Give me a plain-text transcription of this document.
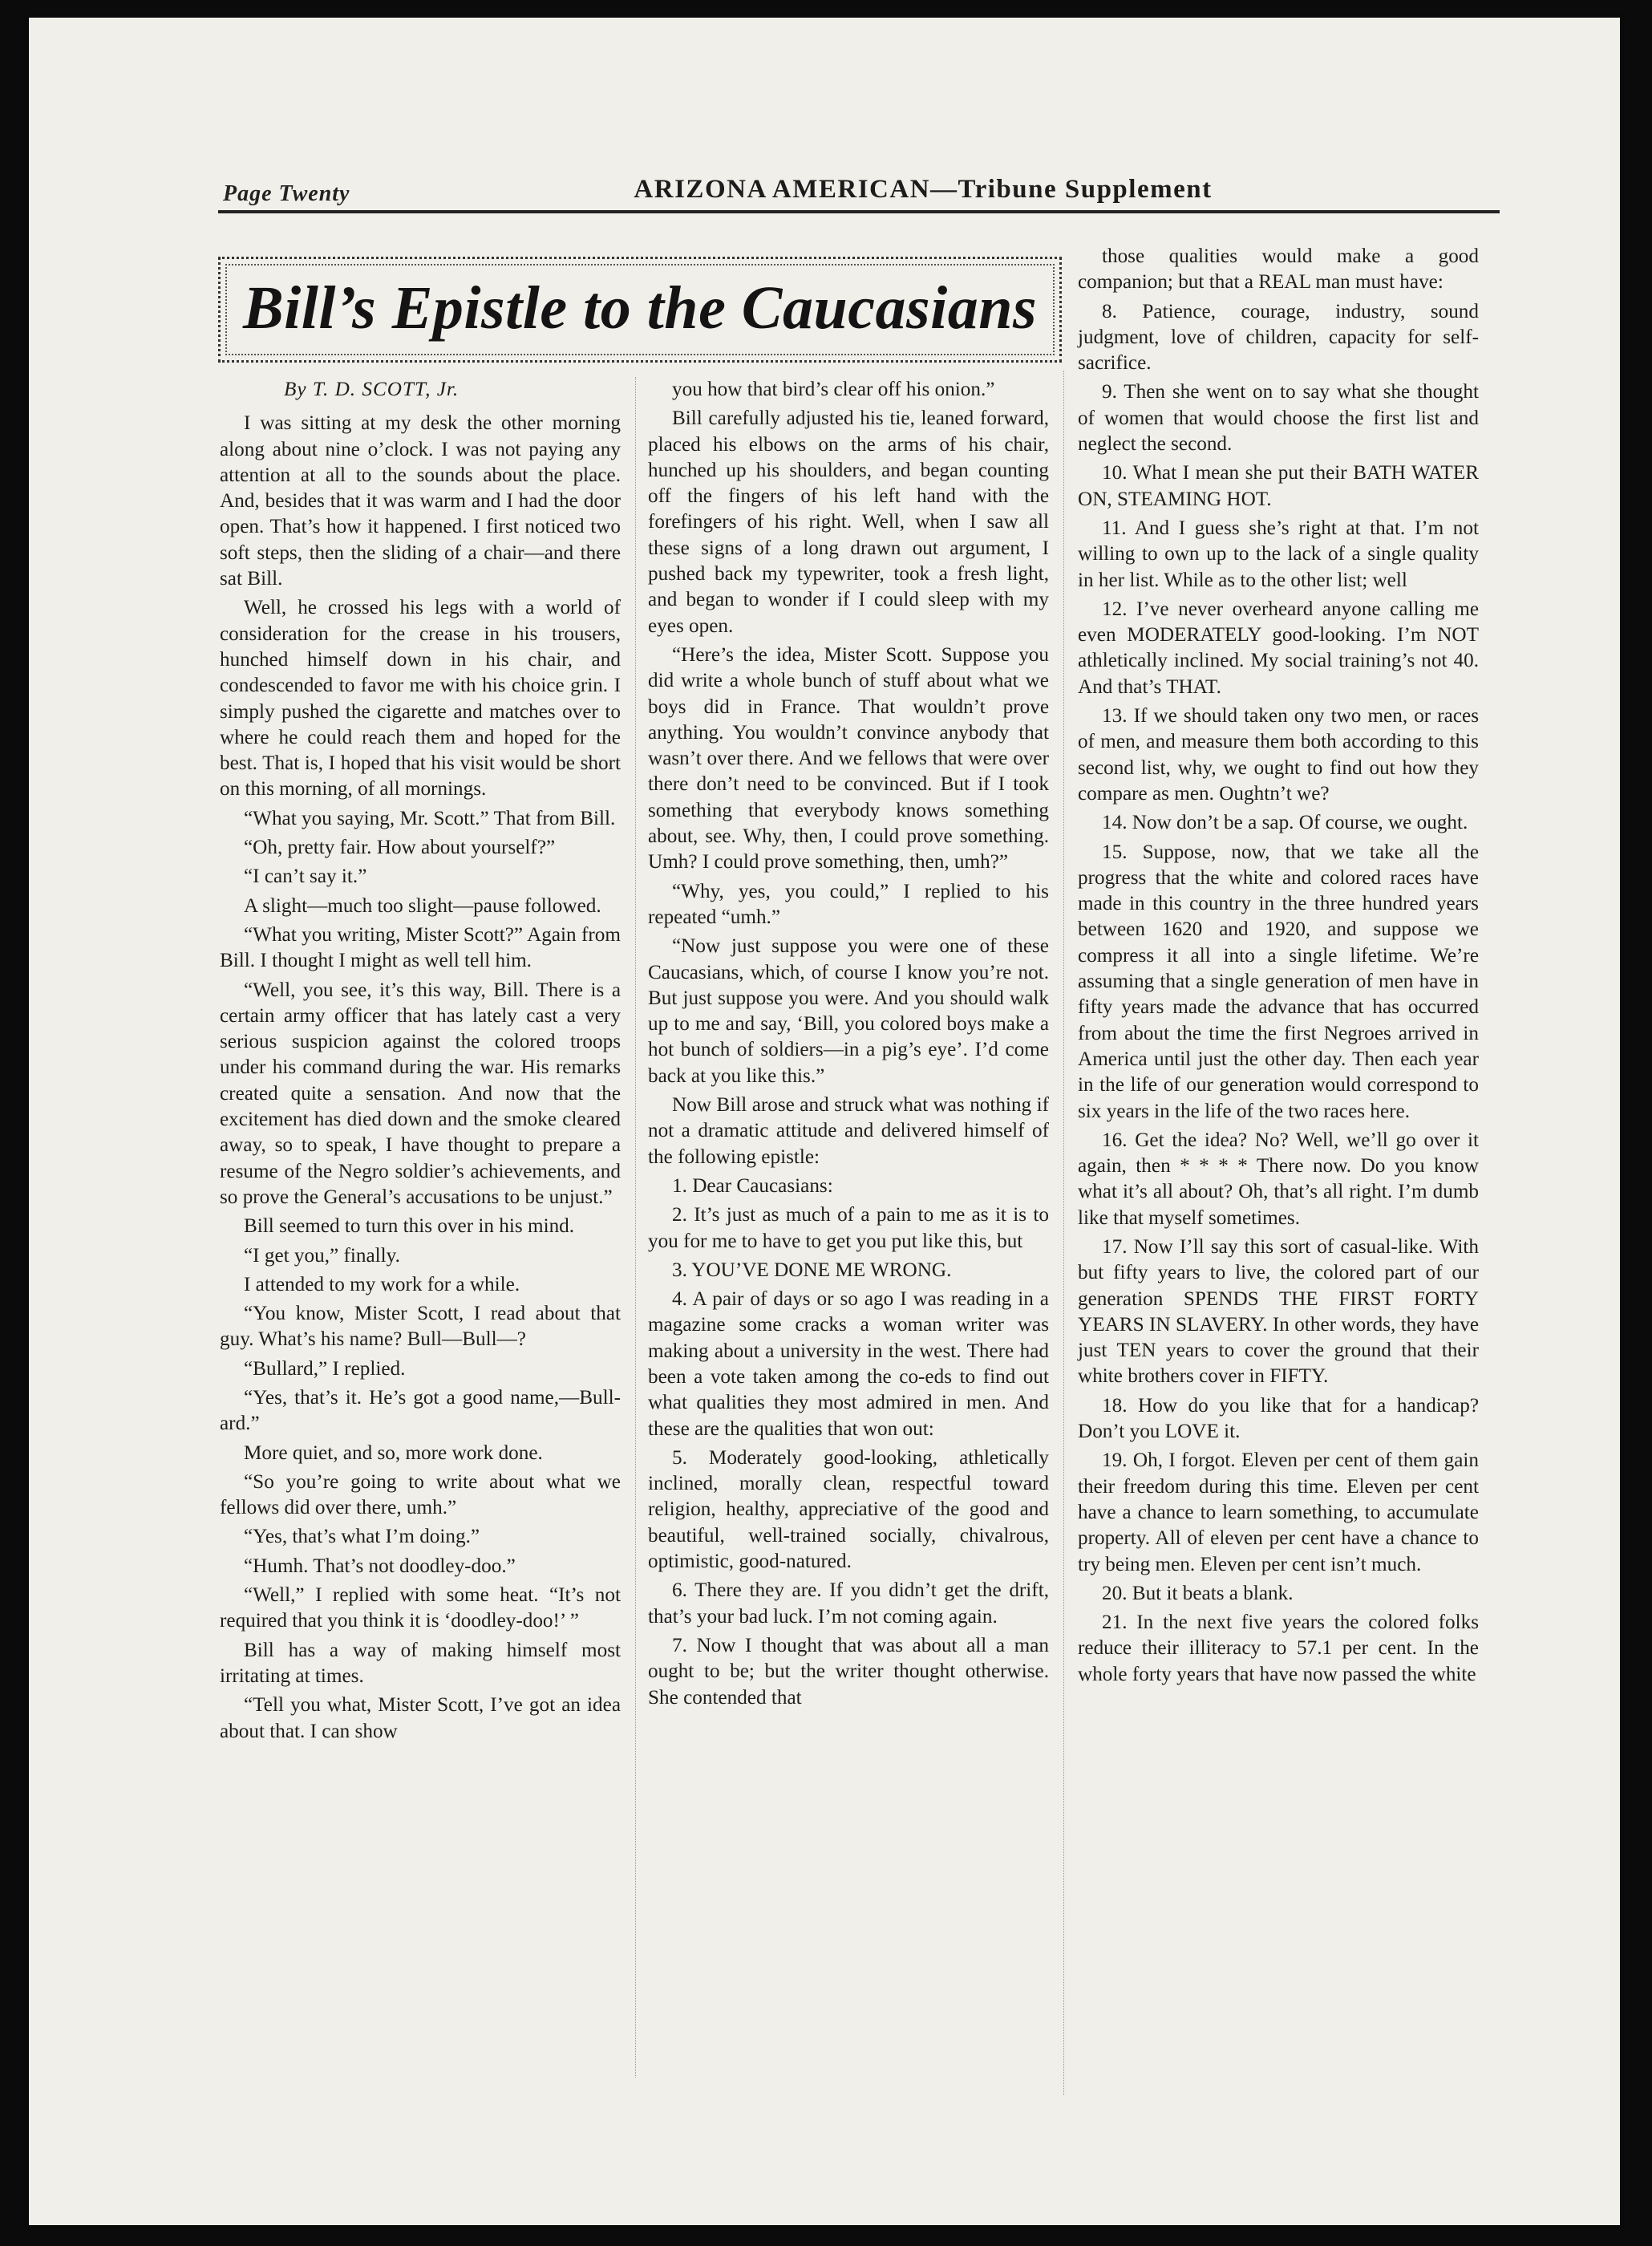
Page Twenty	ARIZONA AMERICAN—Tribune Supplement
Bill’s Epistle to the Caucasians

By T. D. SCOTT, Jr.

I was sitting at my desk the other morning along about nine o’clock. I was not paying any attention at all to the sounds about the place. And, besides that it was warm and I had the door open. That’s how it happened. I first noticed two soft steps, then the sliding of a chair—and there sat Bill.

Well, he crossed his legs with a world of consideration for the crease in his trousers, hunched himself down in his chair, and condescended to favor me with his choice grin. I simply pushed the cigarette and matches over to where he could reach them and hoped for the best. That is, I hoped that his visit would be short on this morning, of all mornings.

“What you saying, Mr. Scott.” That from Bill.

“Oh, pretty fair. How about yourself?”

“I can’t say it.”

A slight—much too slight—pause followed.

“What you writing, Mister Scott?” Again from Bill. I thought I might as well tell him.

“Well, you see, it’s this way, Bill. There is a certain army officer that has lately cast a very serious suspicion against the colored troops under his command during the war. His remarks created quite a sensation. And now that the excitement has died down and the smoke cleared away, so to speak, I have thought to prepare a resume of the Negro soldier’s achievements, and so prove the General’s accusations to be unjust.”

Bill seemed to turn this over in his mind.

“I get you,” finally.

I attended to my work for a while.

“You know, Mister Scott, I read about that guy. What’s his name? Bull—Bull—?

“Bullard,” I replied.

“Yes, that’s it. He’s got a good name,—Bull-ard.”

More quiet, and so, more work done.

“So you’re going to write about what we fellows did over there, umh.”

“Yes, that’s what I’m doing.”

“Humh. That’s not doodley-doo.”

“Well,” I replied with some heat. “It’s not required that you think it is ‘doodley-doo!’ ”

Bill has a way of making himself most irritating at times.

“Tell you what, Mister Scott, I’ve got an idea about that. I can show

you how that bird’s clear off his onion.”

Bill carefully adjusted his tie, leaned forward, placed his elbows on the arms of his chair, hunched up his shoulders, and began counting off the fingers of his left hand with the forefingers of his right. Well, when I saw all these signs of a long drawn out argument, I pushed back my typewriter, took a fresh light, and began to wonder if I could sleep with my eyes open.

“Here’s the idea, Mister Scott. Suppose you did write a whole bunch of stuff about what we boys did in France. That wouldn’t prove anything. You wouldn’t convince anybody that wasn’t over there. And we fellows that were over there don’t need to be convinced. But if I took something that everybody knows something about, see. Why, then, I could prove something. Umh? I could prove something, then, umh?”

“Why, yes, you could,” I replied to his repeated “umh.”

“Now just suppose you were one of these Caucasians, which, of course I know you’re not. But just suppose you were. And you should walk up to me and say, ‘Bill, you colored boys make a hot bunch of soldiers—in a pig’s eye’. I’d come back at you like this.”

Now Bill arose and struck what was nothing if not a dramatic attitude and delivered himself of the following epistle:

1. Dear Caucasians:

2. It’s just as much of a pain to me as it is to you for me to have to get you put like this, but

3. YOU’VE DONE ME WRONG.

4. A pair of days or so ago I was reading in a magazine some cracks a woman writer was making about a university in the west. There had been a vote taken among the co-eds to find out what qualities they most admired in men. And these are the qualities that won out:

5. Moderately good-looking, athletically inclined, morally clean, respectful toward religion, healthy, appreciative of the good and beautiful, well-trained socially, chivalrous, optimistic, good-natured.

6. There they are. If you didn’t get the drift, that’s your bad luck. I’m not coming again.

7. Now I thought that was about all a man ought to be; but the writer thought otherwise. She contended that

those qualities would make a good companion; but that a REAL man must have:

8. Patience, courage, industry, sound judgment, love of children, capacity for self-sacrifice.

9. Then she went on to say what she thought of women that would choose the first list and neglect the second.

10. What I mean she put their BATH WATER ON, STEAMING HOT.

11. And I guess she’s right at that. I’m not willing to own up to the lack of a single quality in her list. While as to the other list; well

12. I’ve never overheard anyone calling me even MODERATELY good-looking. I’m NOT athletically inclined. My social training’s not 40. And that’s THAT.

13. If we should taken ony two men, or races of men, and measure them both according to this second list, why, we ought to find out how they compare as men. Oughtn’t we?

14. Now don’t be a sap. Of course, we ought.

15. Suppose, now, that we take all the progress that the white and colored races have made in this country in the three hundred years between 1620 and 1920, and suppose we compress it all into a single lifetime. We’re assuming that a single generation of men have in fifty years made the advance that has occurred from about the time the first Negroes arrived in America until just the other day. Then each year in the life of our generation would correspond to six years in the life of the two races here.

16. Get the idea? No? Well, we’ll go over it again, then * * * * There now. Do you know what it’s all about? Oh, that’s all right. I’m dumb like that myself sometimes.

17. Now I’ll say this sort of casual-like. With but fifty years to live, the colored part of our generation SPENDS THE FIRST FORTY YEARS IN SLAVERY. In other words, they have just TEN years to cover the ground that their white brothers cover in FIFTY.

18. How do you like that for a handicap? Don’t you LOVE it.

19. Oh, I forgot. Eleven per cent of them gain their freedom during this time. Eleven per cent have a chance to learn something, to accumulate property. All of eleven per cent have a chance to try being men. Eleven per cent isn’t much.

20. But it beats a blank.

21. In the next five years the colored folks reduce their illiteracy to 57.1 per cent. In the whole forty years that have now passed the white
